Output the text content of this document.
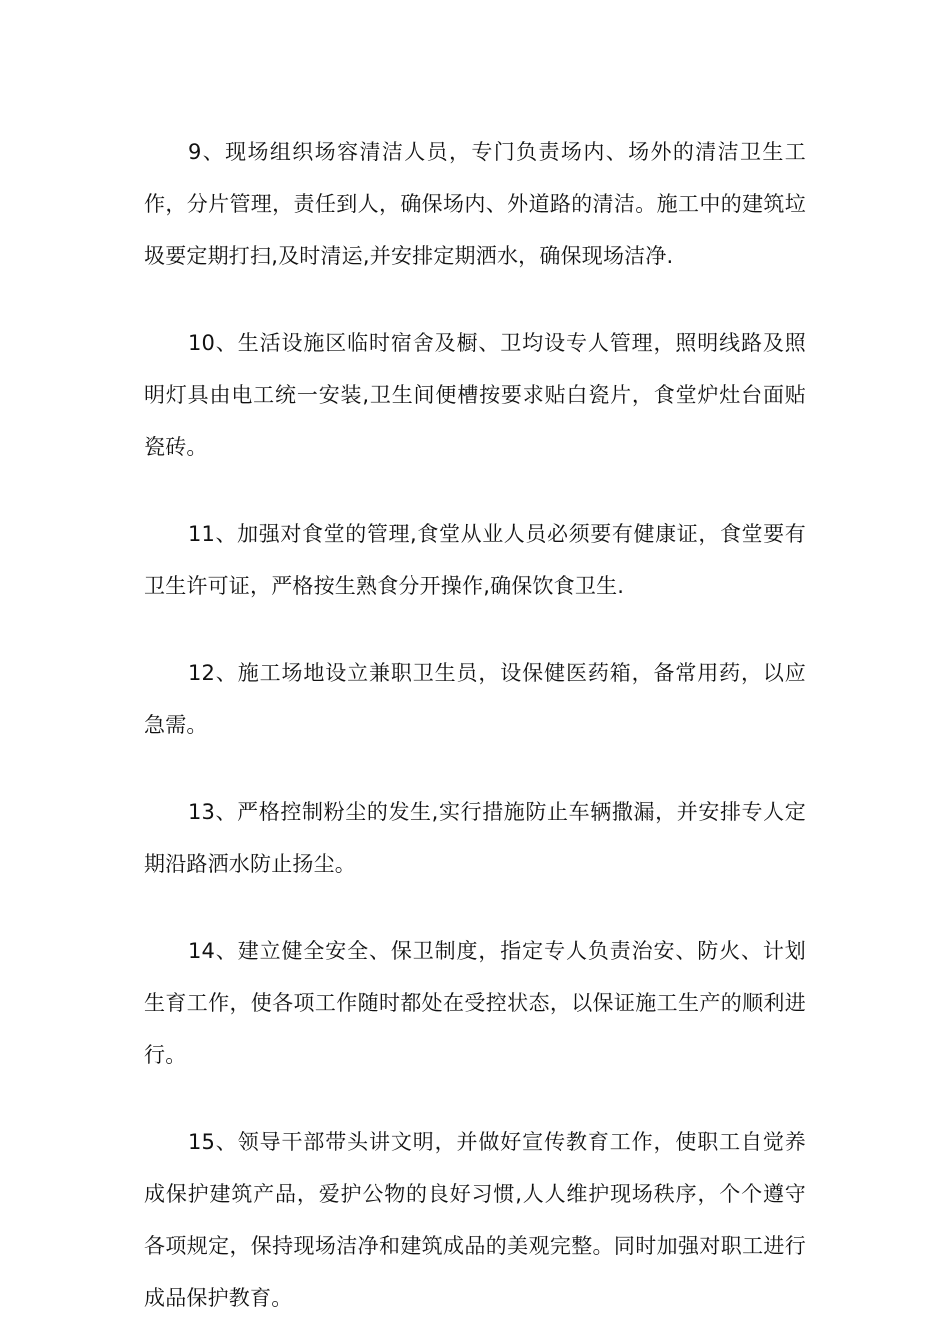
9、现场组织场容清洁人员，专门负责场内、场外的清洁卫生工作，分片管理，责任到人，确保场内、外道路的清洁。施工中的建筑垃圾要定期打扫,及时清运,并安排定期洒水，确保现场洁净.

10、生活设施区临时宿舍及橱、卫均设专人管理，照明线路及照明灯具由电工统一安装,卫生间便槽按要求贴白瓷片，食堂炉灶台面贴瓷砖。

11、加强对食堂的管理,食堂从业人员必须要有健康证，食堂要有卫生许可证，严格按生熟食分开操作,确保饮食卫生.

12、施工场地设立兼职卫生员，设保健医药箱，备常用药，以应急需。

13、严格控制粉尘的发生,实行措施防止车辆撒漏，并安排专人定期沿路洒水防止扬尘。

14、建立健全安全、保卫制度，指定专人负责治安、防火、计划生育工作，使各项工作随时都处在受控状态，以保证施工生产的顺利进行。

15、领导干部带头讲文明，并做好宣传教育工作，使职工自觉养成保护建筑产品，爱护公物的良好习惯,人人维护现场秩序，个个遵守各项规定，保持现场洁净和建筑成品的美观完整。同时加强对职工进行成品保护教育。
